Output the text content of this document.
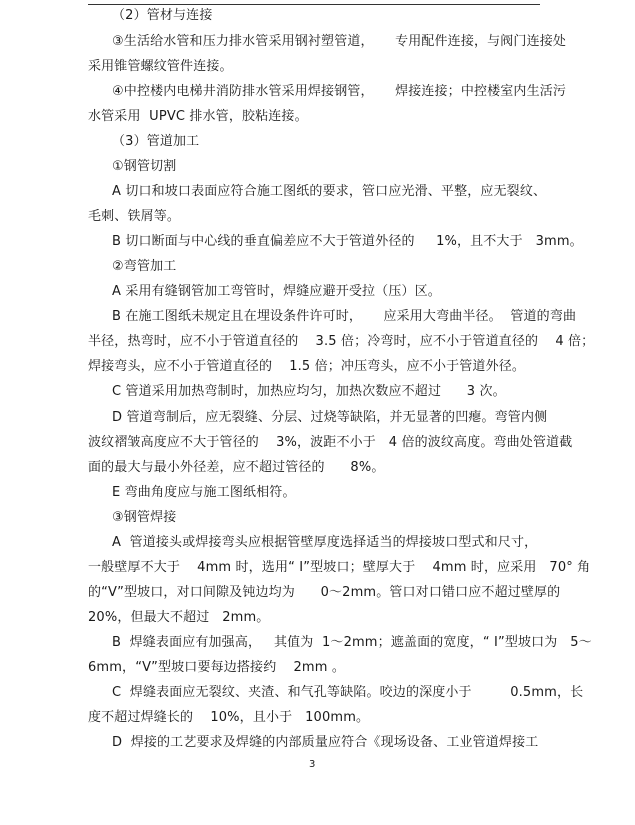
（2）管材与连接
③生活给水管和压力排水管采用钢衬塑管道，     专用配件连接，与阀门连接处
采用锥管螺纹管件连接。
④中控楼内电梯井消防排水管采用焊接钢管，     焊接连接；中控楼室内生活污
水管采用  UPVC 排水管，胶粘连接。
（3）管道加工
①钢管切割
A 切口和坡口表面应符合施工图纸的要求，管口应光滑、平整，应无裂纹、
毛刺、铁屑等。
B 切口断面与中心线的垂直偏差应不大于管道外径的     1%，且不大于   3mm。
②弯管加工
A 采用有缝钢管加工弯管时，焊缝应避开受拉（压）区。
B 在施工图纸未规定且在埋设条件许可时，     应采用大弯曲半径。  管道的弯曲
半径，热弯时，应不小于管道直径的    3.5 倍；冷弯时，应不小于管道直径的    4 倍；
焊接弯头，应不小于管道直径的    1.5 倍；冲压弯头，应不小于管道外径。
C 管道采用加热弯制时，加热应均匀，加热次数应不超过      3 次。
D 管道弯制后，应无裂缝、分层、过烧等缺陷，并无显著的凹瘪。弯管内侧
波纹褶皱高度应不大于管径的    3%，波距不小于   4 倍的波纹高度。弯曲处管道截
面的最大与最小外径差，应不超过管径的      8%。
E 弯曲角度应与施工图纸相符。
③钢管焊接
A  管道接头或焊接弯头应根据管壁厚度选择适当的焊接坡口型式和尺寸，
一般壁厚不大于    4mm 时，选用“ I”型坡口；壁厚大于    4mm 时，应采用   70° 角
的“V”型坡口，对口间隙及钝边均为      0～2mm。管口对口错口应不超过壁厚的
20%，但最大不超过   2mm。
B  焊缝表面应有加强高，   其值为  1～2mm；遮盖面的宽度，“ I”型坡口为   5～
6mm，“V”型坡口要每边搭接约    2mm 。
C  焊缝表面应无裂纹、夹渣、和气孔等缺陷。咬边的深度小于         0.5mm，长
度不超过焊缝长的    10%，且小于   100mm。
D  焊接的工艺要求及焊缝的内部质量应符合《现场设备、工业管道焊接工
3
